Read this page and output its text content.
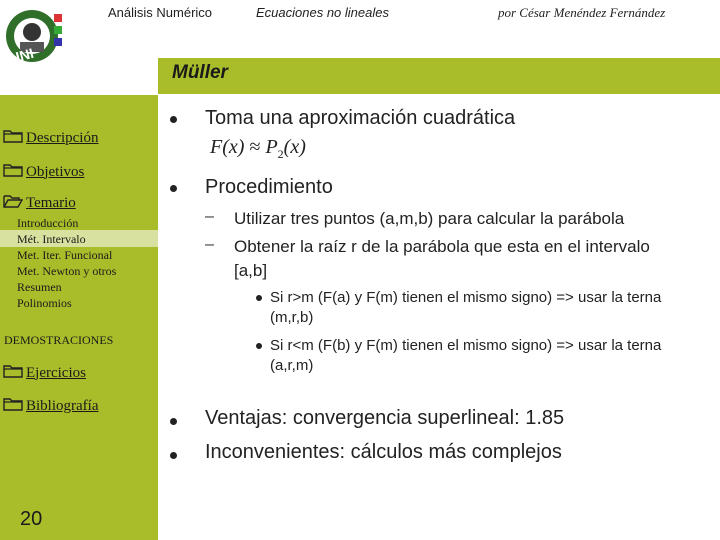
UNI
Análisis Numérico	Ecuaciones no lineales	por César Menéndez Fernández
Müller
Descripción
Objetivos
Temario
Introducción
Mét. Intervalo
Met. Iter. Funcional
Met. Newton y otros
Resumen
Polinomios
DEMOSTRACIONES
Ejercicios
Bibliografía
20
Toma una aproximación cuadrática
$F(x) \approx P_2(x)$
Procedimiento
– Utilizar tres puntos (a,m,b) para calcular la parábola
– Obtener la raíz r de la parábola que esta en el intervalo [a,b]
Si r>m (F(a) y F(m) tienen el mismo signo) => usar la terna (m,r,b)
Si r<m (F(b) y F(m) tienen el mismo signo) => usar la terna (a,r,m)
Ventajas: convergencia superlineal: 1.85
Inconvenientes: cálculos más complejos
